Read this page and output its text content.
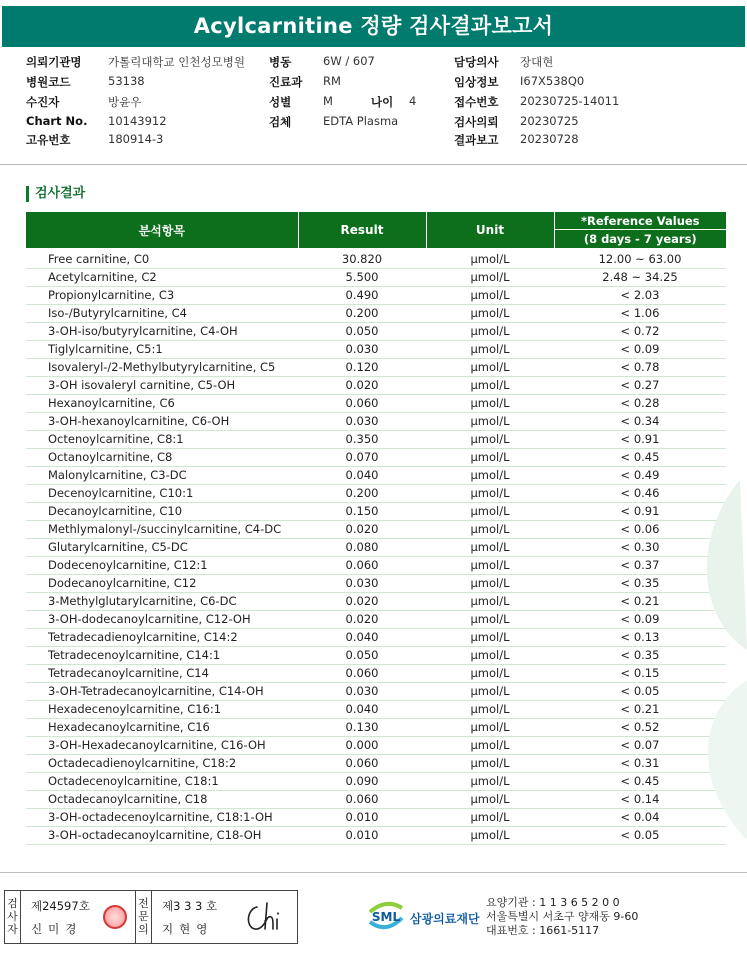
Acylcarnitine 정량 검사결과보고서
의뢰기관명 가톨릭대학교 인천성모병원 병동	6W / 607	담당의사 장대현
병원코드	53138	진료과 RM	임상정보 I67X538Q0
수진자	방윤우	성별	M	나이 4	접수번호 20230725-14011
Chart No. 10143912	검체	EDTA Plasma	검사의뢰 20230725
고유번호	180914-3	결과보고 20230728
검사결과
분석항목	Result	Unit	*Reference Values
			(8 days - 7 years)
Free carnitine, C0	30.820	μmol/L	12.00 ~ 63.00
Acetylcarnitine, C2	5.500	μmol/L	2.48 ~ 34.25
Propionylcarnitine, C3	0.490	μmol/L	< 2.03
Iso-/Butyrylcarnitine, C4	0.200	μmol/L	< 1.06
3-OH-iso/butyrylcarnitine, C4-OH	0.050	μmol/L	< 0.72
Tiglylcarnitine, C5:1	0.030	μmol/L	< 0.09
Isovaleryl-/2-Methylbutyrylcarnitine, C5	0.120	μmol/L	< 0.78
3-OH isovaleryl carnitine, C5-OH	0.020	μmol/L	< 0.27
Hexanoylcarnitine, C6	0.060	μmol/L	< 0.28
3-OH-hexanoylcarnitine, C6-OH	0.030	μmol/L	< 0.34
Octenoylcarnitine, C8:1	0.350	μmol/L	< 0.91
Octanoylcarnitine, C8	0.070	μmol/L	< 0.45
Malonylcarnitine, C3-DC	0.040	μmol/L	< 0.49
Decenoylcarnitine, C10:1	0.200	μmol/L	< 0.46
Decanoylcarnitine, C10	0.150	μmol/L	< 0.91
Methlymalonyl-/succinylcarnitine, C4-DC	0.020	μmol/L	< 0.06
Glutarylcarnitine, C5-DC	0.080	μmol/L	< 0.30
Dodecenoylcarnitine, C12:1	0.060	μmol/L	< 0.37
Dodecanoylcarnitine, C12	0.030	μmol/L	< 0.35
3-Methylglutarylcarnitine, C6-DC	0.020	μmol/L	< 0.21
3-OH-dodecanoylcarnitine, C12-OH	0.020	μmol/L	< 0.09
Tetradecadienoylcarnitine, C14:2	0.040	μmol/L	< 0.13
Tetradecenoylcarnitine, C14:1	0.050	μmol/L	< 0.35
Tetradecanoylcarnitine, C14	0.060	μmol/L	< 0.15
3-OH-Tetradecanoylcarnitine, C14-OH	0.030	μmol/L	< 0.05
Hexadecenoylcarnitine, C16:1	0.040	μmol/L	< 0.21
Hexadecanoylcarnitine, C16	0.130	μmol/L	< 0.52
3-OH-Hexadecanoylcarnitine, C16-OH	0.000	μmol/L	< 0.07
Octadecadienoylcarnitine, C18:2	0.060	μmol/L	< 0.31
Octadecenoylcarnitine, C18:1	0.090	μmol/L	< 0.45
Octadecanoylcarnitine, C18	0.060	μmol/L	< 0.14
3-OH-octadecenoylcarnitine, C18:1-OH	0.010	μmol/L	< 0.04
3-OH-octadecanoylcarnitine, C18-OH	0.010	μmol/L	< 0.05
검
사
자
제24597호
신미경
전
문
의
제3 3 3 호
지현영
SML 삼광의료재단
요양기관 : 1 1 3 6 5 2 0 0
서울특별시 서초구 양재동 9-60
대표번호 : 1661-5117
